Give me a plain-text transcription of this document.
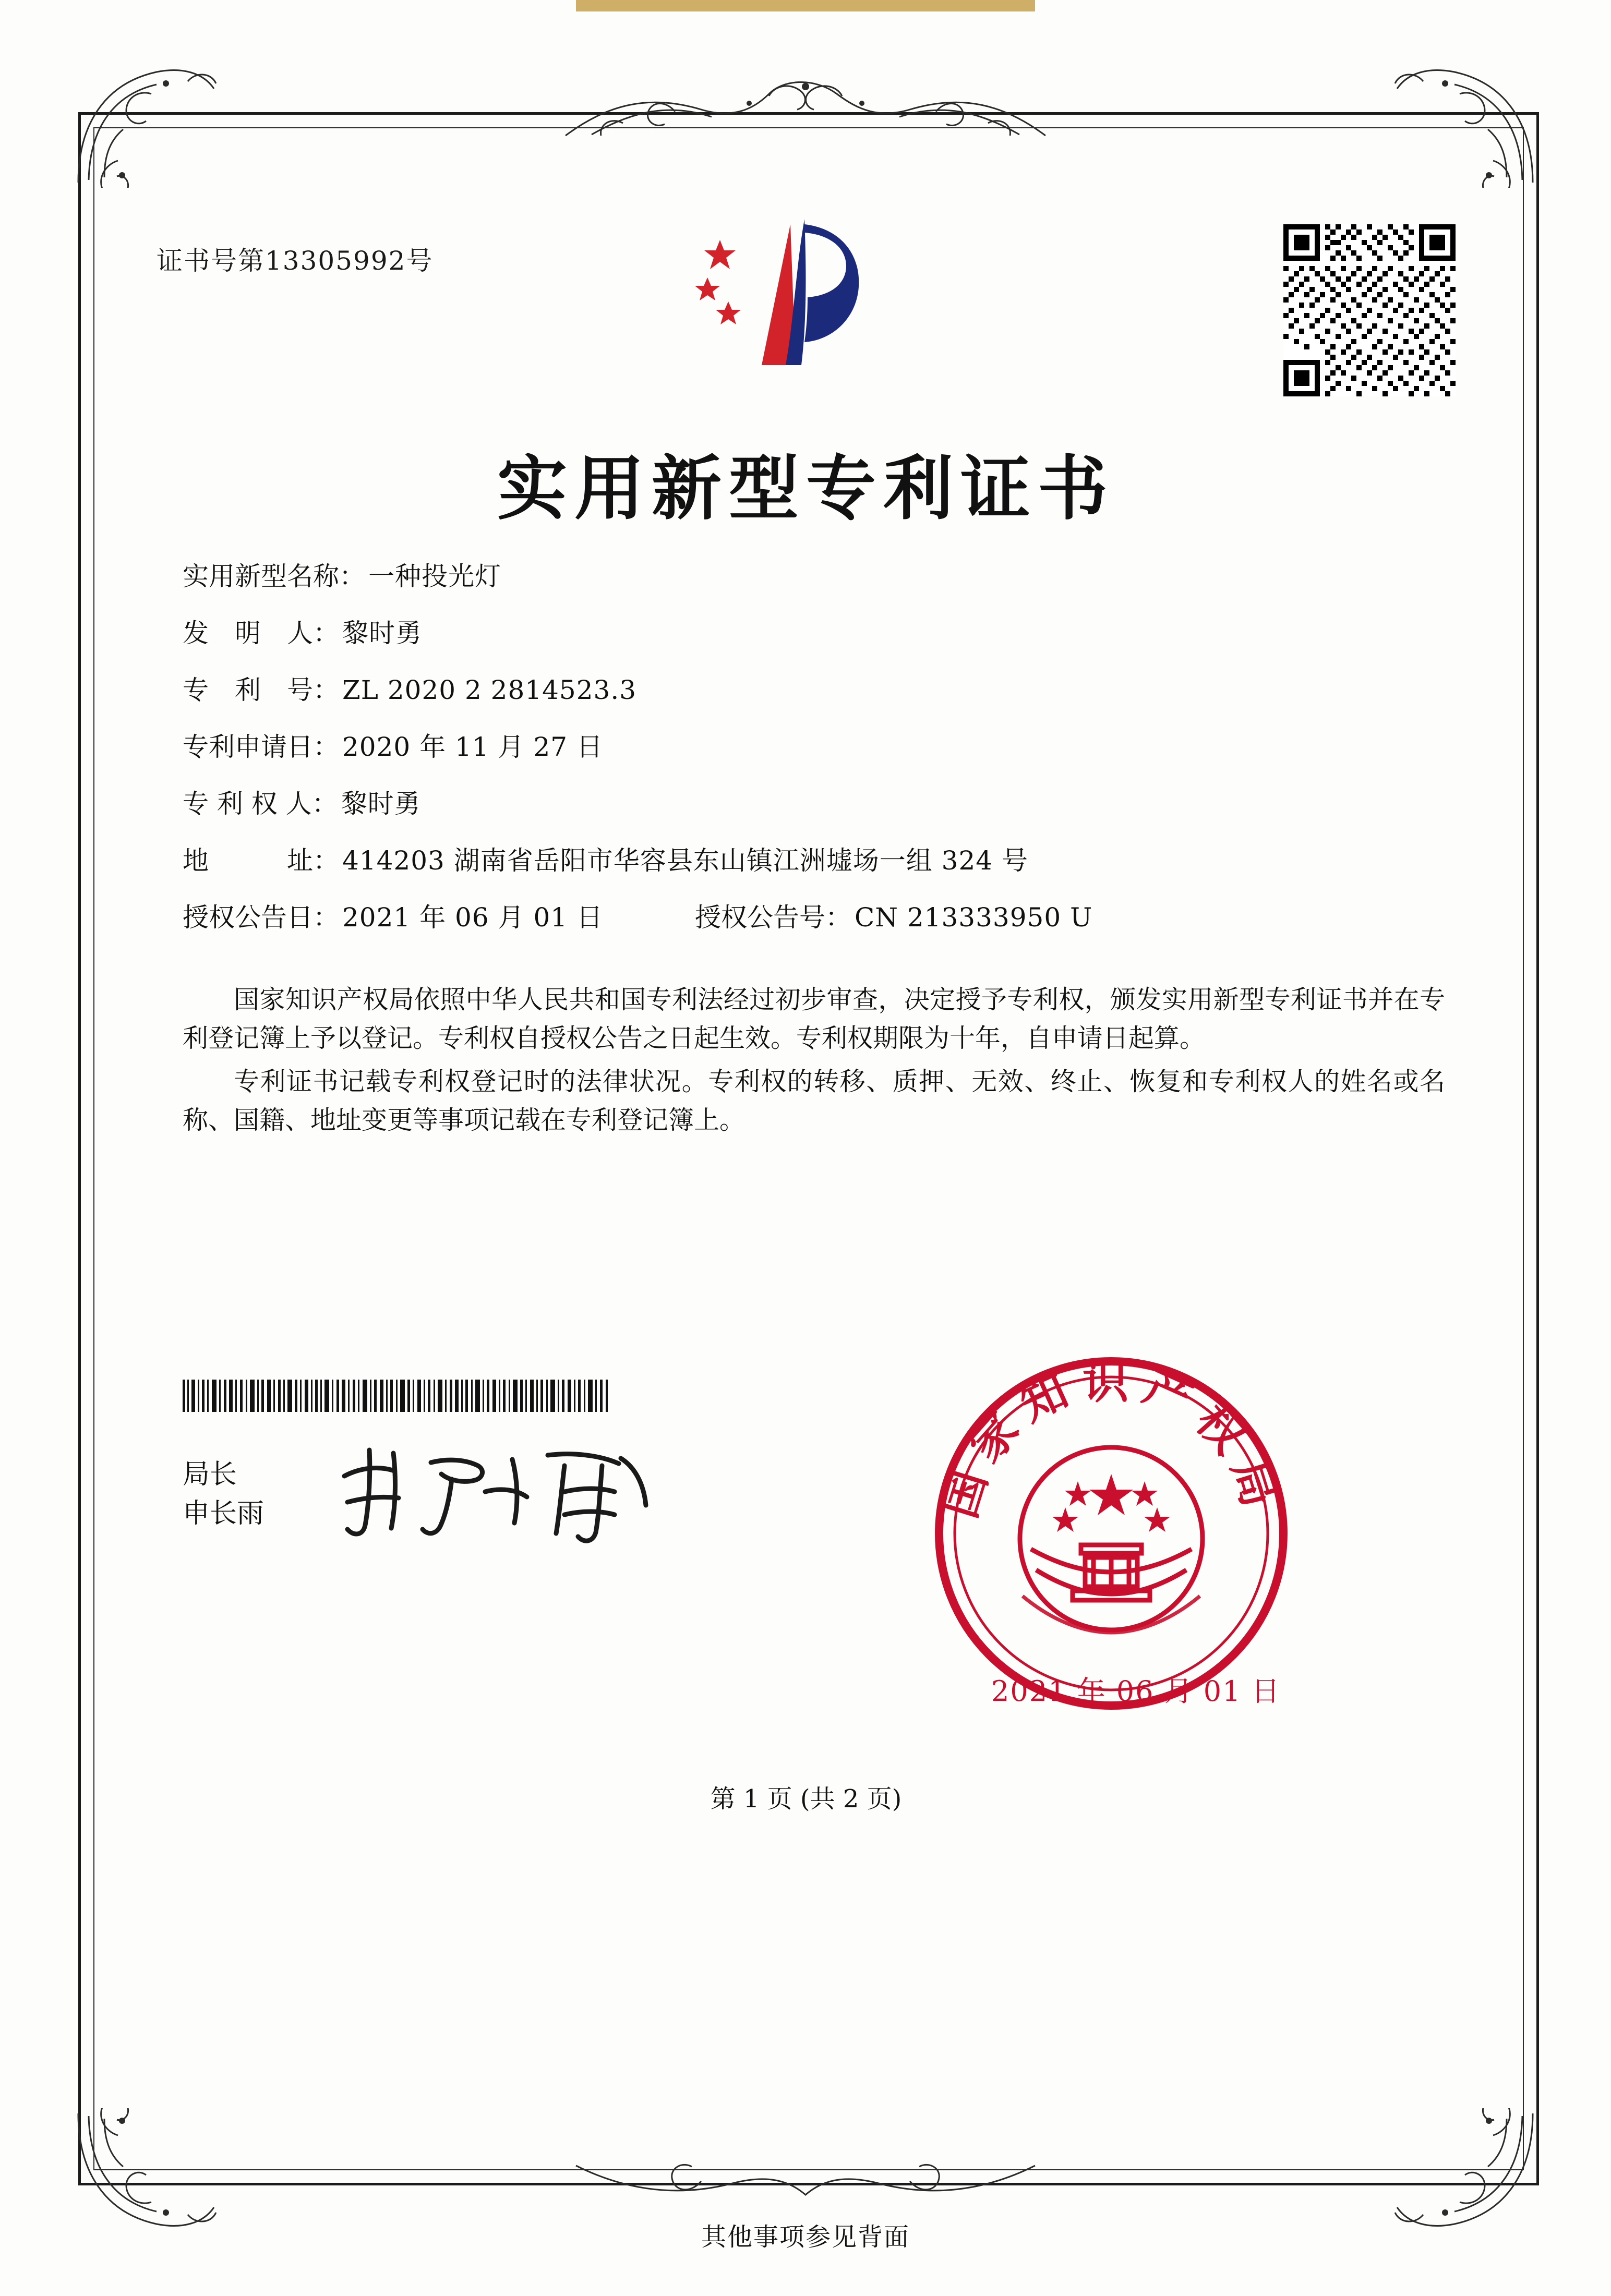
证书号第13305992号
实用新型专利证书
实用新型名称： 一种投光灯
发　明　人： 黎时勇
专　利　号： ZL 2020 2 2814523.3
专利申请日： 2020 年 11 月 27 日
专 利 权 人： 黎时勇
地　　　址： 414203 湖南省岳阳市华容县东山镇江洲墟场一组 324 号
授权公告日： 2021 年 06 月 01 日	授权公告号： CN 213333950 U

国家知识产权局依照中华人民共和国专利法经过初步审查，决定授予专利权，颁发实用新型专利证书并在专利登记簿上予以登记。专利权自授权公告之日起生效。专利权期限为十年，自申请日起算。

专利证书记载专利权登记时的法律状况。专利权的转移、质押、无效、终止、恢复和专利权人的姓名或名称、国籍、地址变更等事项记载在专利登记簿上。

局长
申长雨	国家知识产权局
2021 年 06 月 01 日
第 1 页 (共 2 页)
其他事项参见背面
